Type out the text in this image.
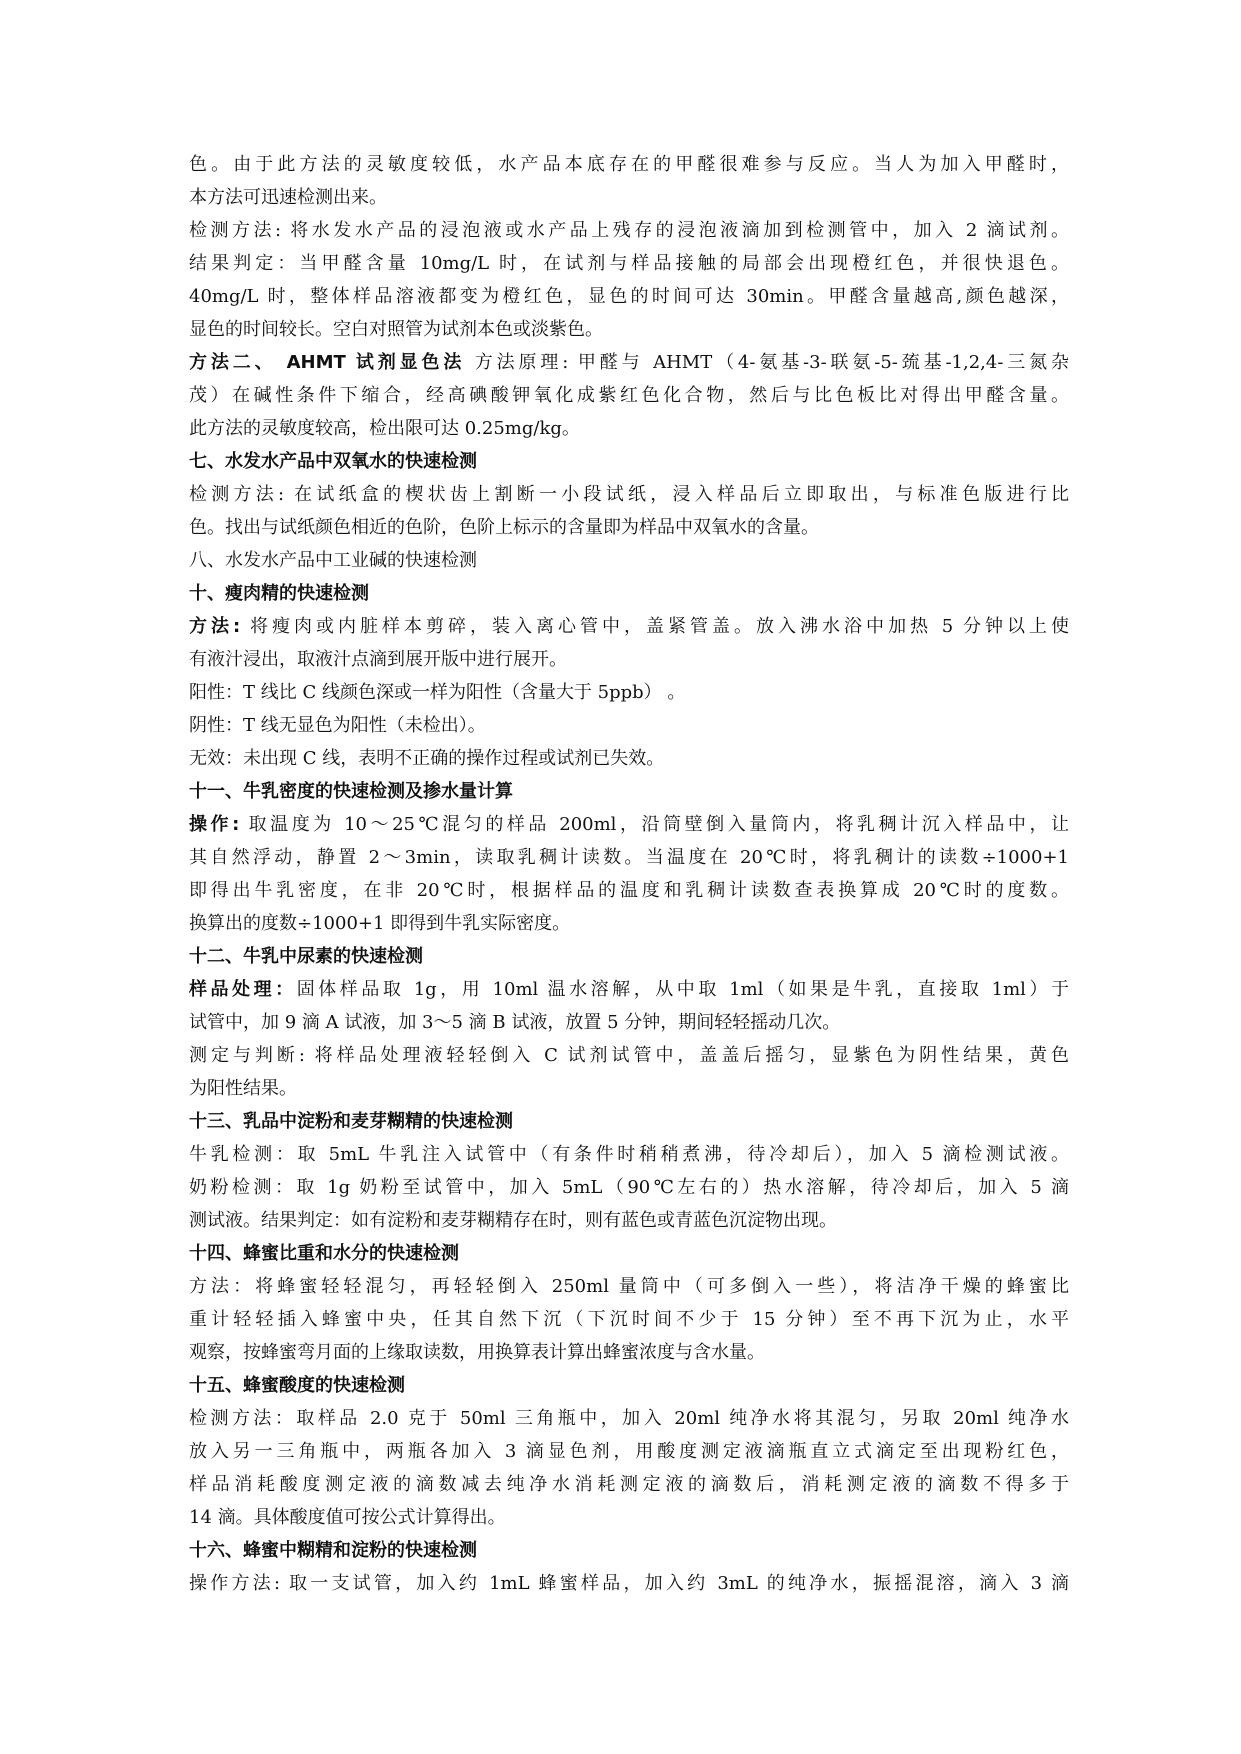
色。由于此方法的灵敏度较低，水产品本底存在的甲醛很难参与反应。当人为加入甲醛时，
本方法可迅速检测出来。
检测方法: 将水发水产品的浸泡液或水产品上残存的浸泡液滴加到检测管中，加入 2 滴试剂。
结果判定：当甲醛含量 10mg/L 时，在试剂与样品接触的局部会出现橙红色，并很快退色。
40mg/L 时，整体样品溶液都变为橙红色，显色的时间可达 30min。甲醛含量越高,颜色越深，
显色的时间较长。空白对照管为试剂本色或淡紫色。
方法二、 AHMT 试剂显色法 方法原理: 甲醛与 AHMT（4-氨基-3-联氨-5-巯基-1,2,4-三氮杂
茂）在碱性条件下缩合，经高碘酸钾氧化成紫红色化合物，然后与比色板比对得出甲醛含量。
此方法的灵敏度较高，检出限可达 0.25mg/kg。
七、水发水产品中双氧水的快速检测
检测方法: 在试纸盒的楔状齿上割断一小段试纸，浸入样品后立即取出，与标准色版进行比
色。找出与试纸颜色相近的色阶，色阶上标示的含量即为样品中双氧水的含量。
八、水发水产品中工业碱的快速检测
十、瘦肉精的快速检测
方法: 将瘦肉或内脏样本剪碎，装入离心管中，盖紧管盖。放入沸水浴中加热 5 分钟以上使
有液汁浸出，取液汁点滴到展开版中进行展开。
阳性：T 线比 C 线颜色深或一样为阳性（含量大于 5ppb） 。
阴性：T 线无显色为阳性（未检出）。
无效：未出现 C 线，表明不正确的操作过程或试剂已失效。
十一、牛乳密度的快速检测及掺水量计算
操作: 取温度为 10～25℃混匀的样品 200ml，沿筒壁倒入量筒内，将乳稠计沉入样品中，让
其自然浮动，静置 2～3min，读取乳稠计读数。当温度在 20℃时，将乳稠计的读数÷1000+1
即得出牛乳密度，在非 20℃时，根据样品的温度和乳稠计读数查表换算成 20℃时的度数。
换算出的度数÷1000+1 即得到牛乳实际密度。
十二、牛乳中尿素的快速检测
样品处理：固体样品取 1g，用 10ml 温水溶解，从中取 1ml（如果是牛乳，直接取 1ml）于
试管中，加 9 滴 A 试液，加 3～5 滴 B 试液，放置 5 分钟，期间轻轻摇动几次。
测定与判断: 将样品处理液轻轻倒入 C 试剂试管中，盖盖后摇匀，显紫色为阴性结果，黄色
为阳性结果。
十三、乳品中淀粉和麦芽糊精的快速检测
牛乳检测：取 5mL 牛乳注入试管中（有条件时稍稍煮沸，待冷却后），加入 5 滴检测试液。
奶粉检测：取 1g 奶粉至试管中，加入 5mL（90℃左右的）热水溶解，待冷却后，加入 5 滴
测试液。结果判定：如有淀粉和麦芽糊精存在时，则有蓝色或青蓝色沉淀物出现。
十四、蜂蜜比重和水分的快速检测
方法：将蜂蜜轻轻混匀，再轻轻倒入 250ml 量筒中（可多倒入一些），将洁净干燥的蜂蜜比
重计轻轻插入蜂蜜中央，任其自然下沉（下沉时间不少于 15 分钟）至不再下沉为止，水平
观察，按蜂蜜弯月面的上缘取读数，用换算表计算出蜂蜜浓度与含水量。
十五、蜂蜜酸度的快速检测
检测方法：取样品 2.0 克于 50ml 三角瓶中，加入 20ml 纯净水将其混匀，另取 20ml 纯净水
放入另一三角瓶中，两瓶各加入 3 滴显色剂，用酸度测定液滴瓶直立式滴定至出现粉红色，
样品消耗酸度测定液的滴数减去纯净水消耗测定液的滴数后，消耗测定液的滴数不得多于
14 滴。具体酸度值可按公式计算得出。
十六、蜂蜜中糊精和淀粉的快速检测
操作方法: 取一支试管，加入约 1mL 蜂蜜样品，加入约 3mL 的纯净水，振摇混溶，滴入 3 滴
